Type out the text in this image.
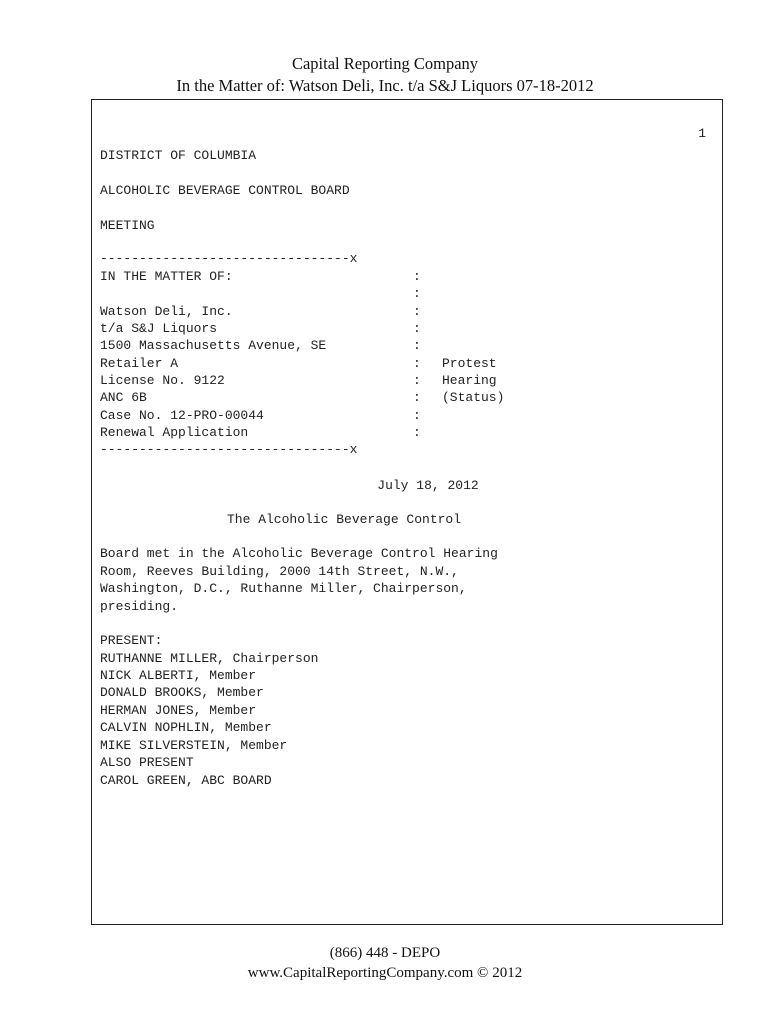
Capital Reporting Company
In the Matter of: Watson Deli, Inc. t/a S&J Liquors 07-18-2012

1

DISTRICT OF COLUMBIA

ALCOHOLIC BEVERAGE CONTROL BOARD

MEETING

--------------------------------x

IN THE MATTER OF:

Watson Deli, Inc.

t/a S&J Liquors

1500 Massachusetts Avenue, SE

Retailer A

License No. 9122

ANC 6B

Case No. 12-PRO-00044

Renewal Application

:

:

:

:

:

:

:

:

:

:

Protest

Hearing

(Status)

--------------------------------x

July 18, 2012

The Alcoholic Beverage Control

Board met in the Alcoholic Beverage Control Hearing

Room, Reeves Building, 2000 14th Street, N.W.,

Washington, D.C., Ruthanne Miller, Chairperson,

presiding.

PRESENT:

RUTHANNE MILLER, Chairperson

NICK ALBERTI, Member

DONALD BROOKS, Member

HERMAN JONES, Member

CALVIN NOPHLIN, Member

MIKE SILVERSTEIN, Member

ALSO PRESENT

CAROL GREEN, ABC BOARD

(866) 448 - DEPO
www.CapitalReportingCompany.com © 2012
